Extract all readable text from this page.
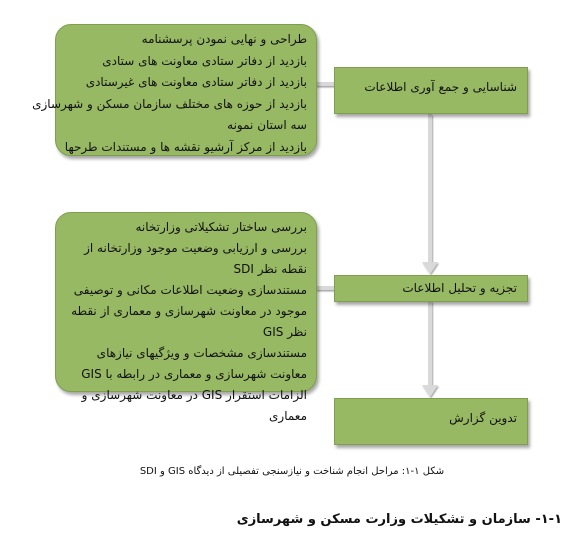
طراحی و نهایی نمودن پرسشنامه
بازدید از دفاتر ستادی معاونت های ستادی
بازدید از دفاتر ستادی معاونت های غیرستادی
بازدید از حوزه های مختلف سازمان مسکن و شهرسازی
سه استان نمونه
بازدید از مرکز آرشیو نقشه ها و مستندات طرحها
بررسی ساختار تشکیلاتی وزارتخانه
بررسی و ارزیابی وضعیت موجود وزارتخانه از نقطه نظر SDI
مستندسازی وضعیت اطلاعات مکانی و توصیفی موجود در معاونت شهرسازی و معماری از نقطه نظر GIS
مستندسازی مشخصات و ویژگیهای نیازهای معاونت شهرسازی و معماری در رابطه با GIS
الزامات استقرار GIS در معاونت شهرسازی و معماری
شناسایی و جمع آوری اطلاعات
تجزیه و تحلیل اطلاعات
تدوین گزارش
شکل ۱-۱: مراحل انجام شناخت و نیازسنجی تفصیلی از دیدگاه GIS و SDI
۱-۱- سازمان و تشکیلات وزارت مسکن و شهرسازی
